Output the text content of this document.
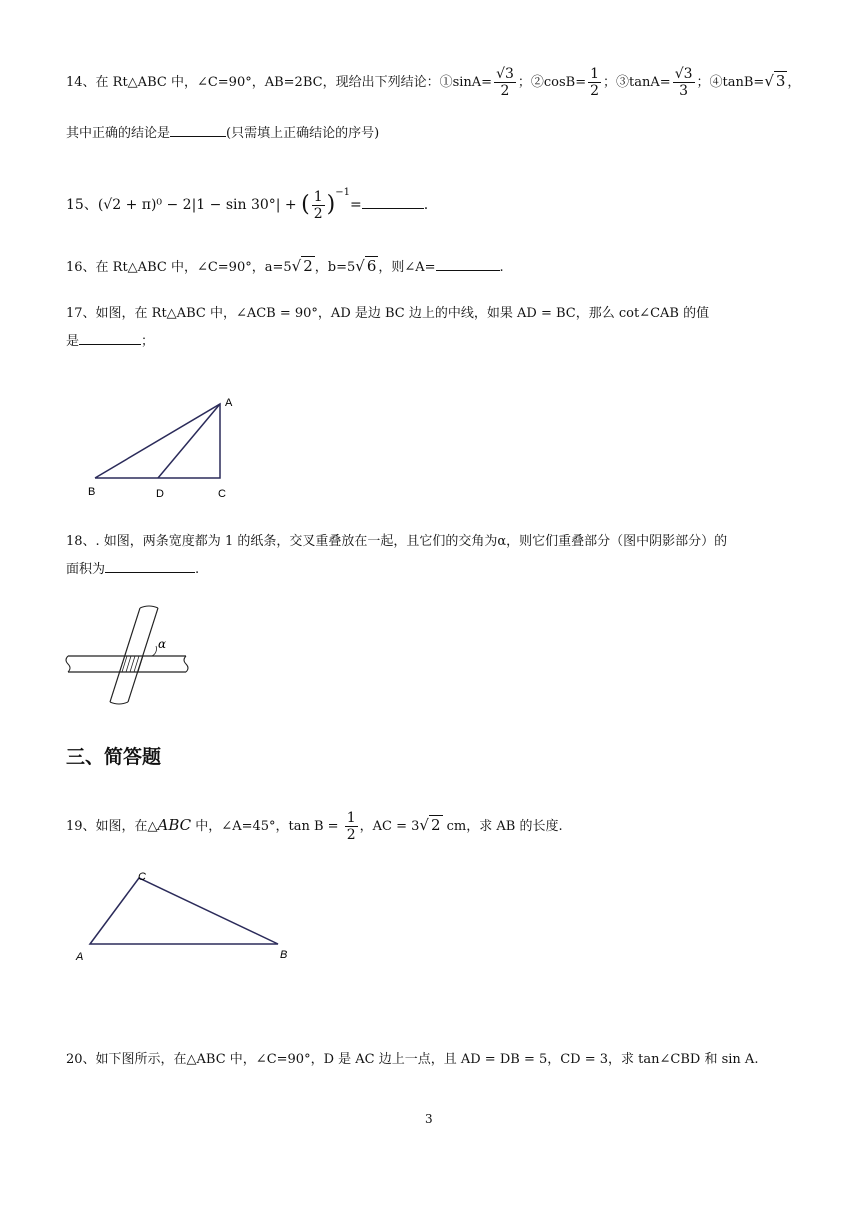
14、在 Rt△ABC 中，∠C=90°，AB=2BC，现给出下列结论：①sinA= $\frac{√3}{2}$ ；②cosB= $\frac{1}{2}$ ；③tanA= $\frac{√3}{3}$ ；④tanB=√ 3 ，
其中正确的结论是	(只需填上正确结论的序号)
15、(√2 + π)⁰ − 2|1 − sin 30°| + ( $\frac{1}{2} )^{-1}=$	.
16、在 Rt△ABC 中，∠C=90°，a=5√ 2 ，b=5√ 6 ，则∠A=	.
17、如图，在 Rt△ABC 中，∠ACB = 90°，AD 是边 BC 边上的中线，如果 AD = BC，那么 cot∠CAB 的值
是	；
A
B	D	C
18、. 如图，两条宽度都为 1 的纸条，交叉重叠放在一起，且它们的交角为α，则它们重叠部分（图中阴影部分）的
面积为	.
α
三、简答题
19、如图，在△ABC 中，∠A=45°，$\tan B = \frac{1}{2}$ ，AC = 3√ 2 cm，求 AB 的长度.
A
C
B
20、如下图所示，在△ABC 中，∠C=90°，D 是 AC 边上一点，且 AD = DB = 5，CD = 3，求 tan∠CBD 和 sin A.
3
